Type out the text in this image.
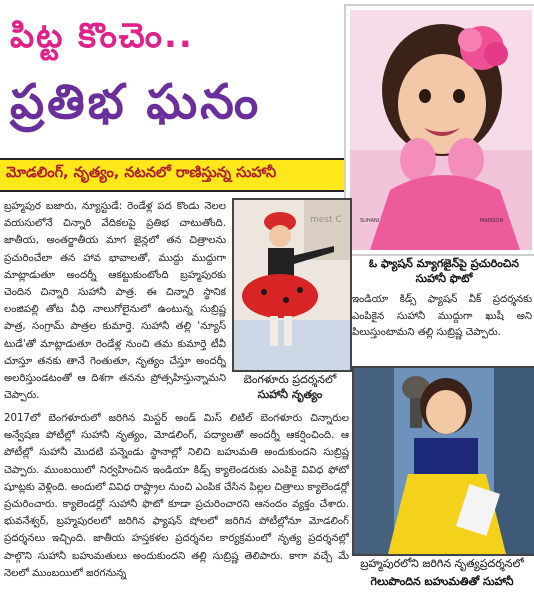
పిట్ట కొంచెం..
ప్రతిభ ఘనం
మోడలింగ్, నృత్యం, నటనలో రాణిస్తున్న సుహానీ

బ్రహ్మపుర బజారు, న్యూస్టుడే: రెండేళ్ల పద కొండు నెలల వయసులోనే చిన్నారి వేదికలపై ప్రతిభ చాటుతోంది. జాతీయ, అంతర్జాతీయ మాగ జైన్లలో తన చిత్రాలను ప్రచురించేలా తన హావ భావాలతో, ముద్దు ముద్దుగా మాట్లాడుతూ అందర్నీ ఆకట్టుకుంటోంది బ్రహ్మపురకు చెందిన చిన్నారి సుహానీ పాత్ర. ఈ చిన్నారి స్థానిక లంజిపల్లి తోట వీధి నాలుగోలైనులో ఉంటున్న సుబ్రిష్ణ పాత్ర, సంగ్రామ్ పాత్రల కుమార్తె. సుహానీ తల్లి 'న్యూస్ టుడే'తో మాట్లాడుతూ రెండేళ్ల నుంచి తమ కుమార్తె టీవీ చూస్తూ తనకు తానే గెంతుతూ, నృత్యం చేస్తూ అందర్నీ అలరిస్తుండటంతో ఆ దిశగా తనను ప్రోత్సహిస్తున్నామని చెప్పారు.

2017లో బెంగళూరులో జరిగిన మిస్టర్ అండ్ మిస్ లిటిల్ బెంగళూరు చిన్నారుల అన్వేషణ పోటీల్లో సుహానీ నృత్యం, మోడలింగ్, పద్యాలతో అందర్నీ ఆకర్షించింది. ఆ పోటీల్లో సుహానీ మొదటి పన్నెండు స్థానాల్లో నిలిచి బహుమతి అందుకుందని సుబ్రిష్ణ చెప్పారు. ముంబయిలో నిర్వహించిన ఇండియా కిడ్స్ క్యాలెండరుకు ఎంపికై వివిధ ఫోటో షూట్లకు వెళ్లింది. అందులో వివిధ రాష్ట్రాల నుంచి ఎంపిక చేసిన పిల్లల చిత్రాలు క్యాలెండర్లో ప్రచురించారు. క్యాలెండర్లో సుహానీ ఫొటో కూడా ప్రచురించారని ఆనందం వ్యక్తం చేశారు. భువనేశ్వర్, బ్రహ్మపురలలో జరిగిన ఫ్యాషన్ షోలలో జరిగిన పోటీల్లోనూ మోడలింగ్ ప్రదర్శనలు ఇచ్చింది. జాతీయ హస్తకళల ప్రదర్శనల కార్యక్రమంలో నృత్య ప్రదర్శనల్లో పాల్గొని సుహానీ బహుమతులు అందుకుందని తల్లి సుబ్రిష్ణ తెలిపారు. కాగా వచ్చే మే నెలలో ముంబయిలో జరగనున్న

SUHANI	MAISSON
ఓ ఫ్యాషన్ మ్యాగజైన్‌పై ప్రచురించిన సుహానీ ఫొటో
mest C
బెంగళూరు ప్రదర్శనలో
సుహానీ నృత్యం

ఇండియా కిడ్స్ ఫ్యాషన్ వీక్ ప్రదర్శనకు ఎంపికైన సుహానీ ముద్దుగా ఖుషీ అని పిలుస్తుంటామని తల్లి సుబ్రిష్ణ చెప్పారు.

బ్రహ్మపురలోని జరిగిన నృత్యప్రదర్శనలో
గెలుపొందిన బహుమతితో సుహానీ
